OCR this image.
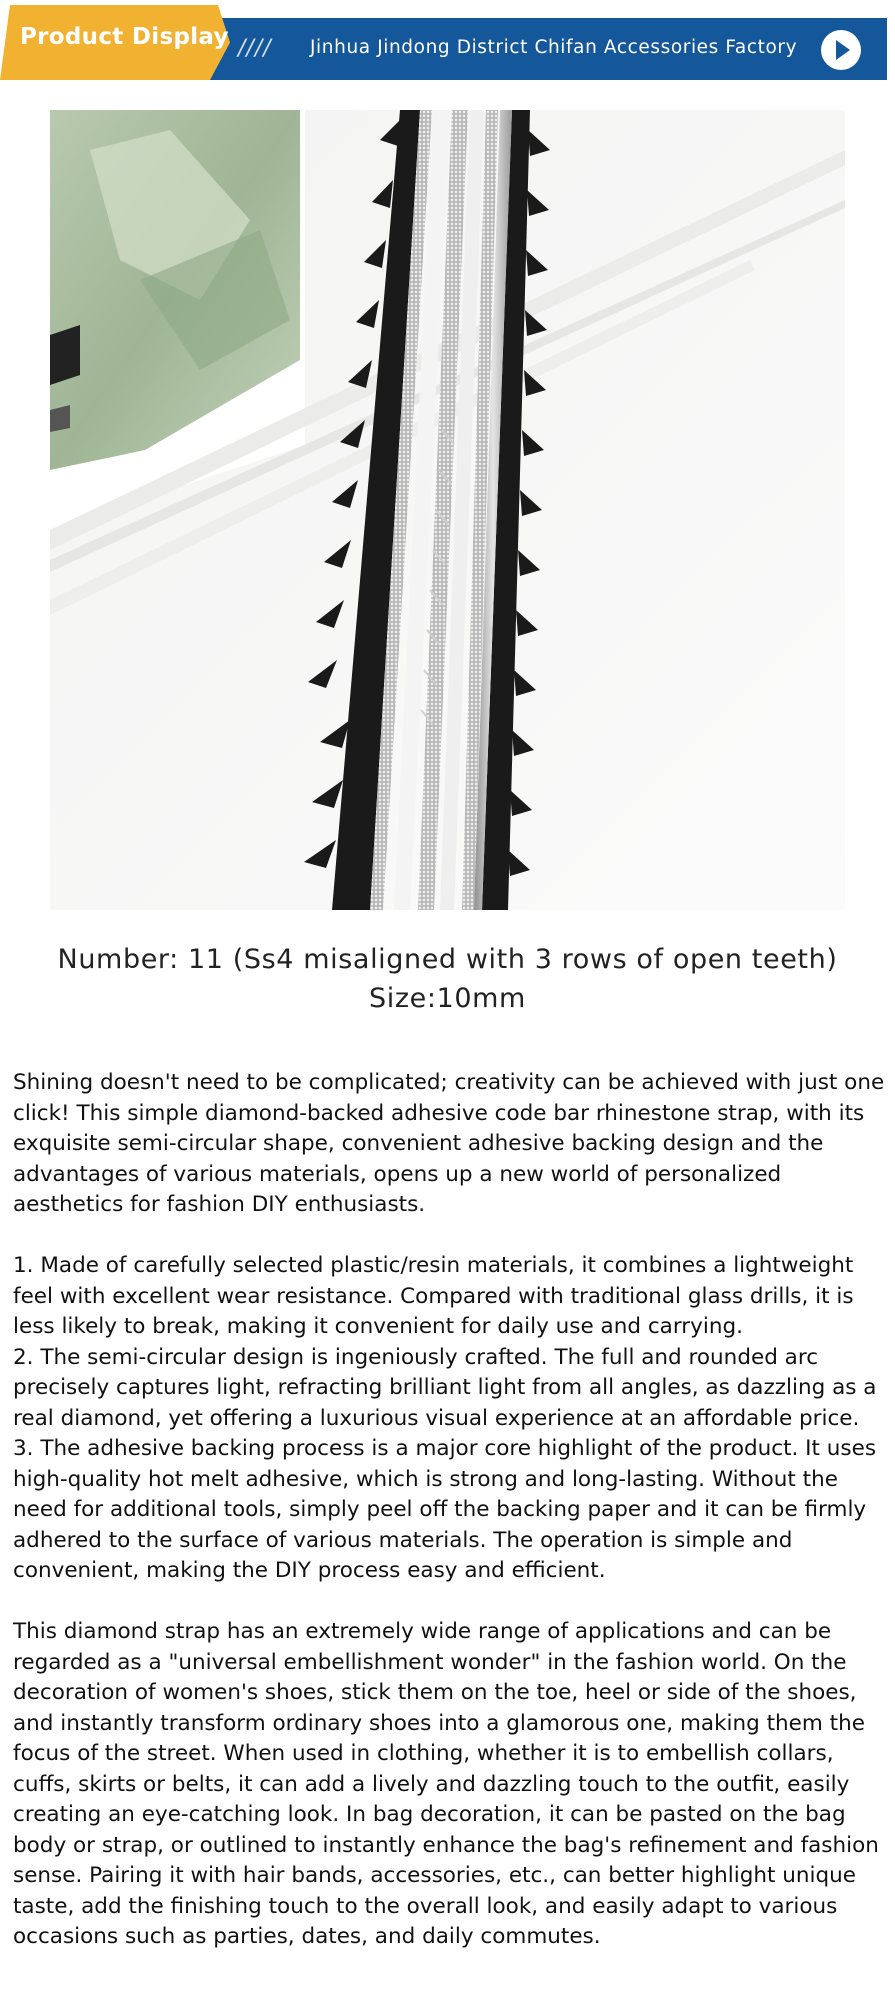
Product Display //// Jinhua Jindong District Chifan Accessories Factory
Number: 11 (Ss4 misaligned with 3 rows of open teeth)
Size:10mm

Shining doesn't need to be complicated; creativity can be achieved with just one click! This simple diamond-backed adhesive code bar rhinestone strap, with its exquisite semi-circular shape, convenient adhesive backing design and the advantages of various materials, opens up a new world of personalized aesthetics for fashion DIY enthusiasts.

1. Made of carefully selected plastic/resin materials, it combines a lightweight feel with excellent wear resistance. Compared with traditional glass drills, it is less likely to break, making it convenient for daily use and carrying.

2. The semi-circular design is ingeniously crafted. The full and rounded arc precisely captures light, refracting brilliant light from all angles, as dazzling as a real diamond, yet offering a luxurious visual experience at an affordable price.

3. The adhesive backing process is a major core highlight of the product. It uses high-quality hot melt adhesive, which is strong and long-lasting. Without the need for additional tools, simply peel off the backing paper and it can be firmly adhered to the surface of various materials. The operation is simple and convenient, making the DIY process easy and efficient.

This diamond strap has an extremely wide range of applications and can be regarded as a "universal embellishment wonder" in the fashion world. On the decoration of women's shoes, stick them on the toe, heel or side of the shoes, and instantly transform ordinary shoes into a glamorous one, making them the focus of the street. When used in clothing, whether it is to embellish collars, cuffs, skirts or belts, it can add a lively and dazzling touch to the outfit, easily creating an eye-catching look. In bag decoration, it can be pasted on the bag body or strap, or outlined to instantly enhance the bag's refinement and fashion sense. Pairing it with hair bands, accessories, etc., can better highlight unique taste, add the finishing touch to the overall look, and easily adapt to various occasions such as parties, dates, and daily commutes.
